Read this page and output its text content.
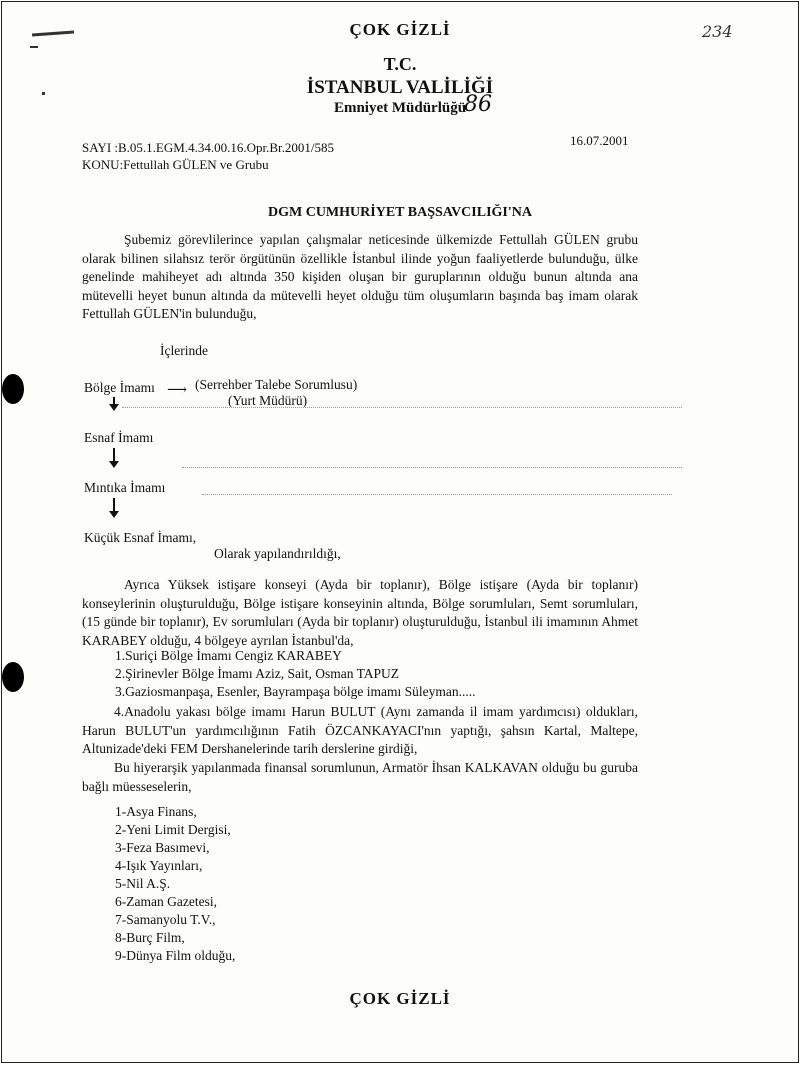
234
ÇOK GİZLİ
T.C.
İSTANBUL VALİLİĞİ
Emniyet Müdürlüğü
86
SAYI :B.05.1.EGM.4.34.00.16.Opr.Br.2001/585
KONU:Fettullah GÜLEN ve Grubu
16.07.2001
DGM CUMHURİYET BAŞSAVCILIĞI'NA
Şubemiz görevlilerince yapılan çalışmalar neticesinde ülkemizde Fettullah GÜLEN grubu olarak bilinen silahsız terör örgütünün özellikle İstanbul ilinde yoğun faaliyetlerde bulunduğu, ülke genelinde mahiheyet adı altında 350 kişiden oluşan bir guruplarının olduğu bunun altında ana mütevelli heyet bunun altında da mütevelli heyet olduğu tüm oluşumların başında baş imam olarak Fettullah GÜLEN'in bulunduğu,
İçlerinde
Bölge İmamı ⟶ (Serrehber Talebe Sorumlusu)
(Yurt Müdürü)
Esnaf İmamı
Mıntıka İmamı
Küçük Esnaf İmamı,
Olarak yapılandırıldığı,
Ayrıca Yüksek istişare konseyi (Ayda bir toplanır), Bölge istişare (Ayda bir toplanır) konseylerinin oluşturulduğu, Bölge istişare konseyinin altında, Bölge sorumluları, Semt sorumluları, (15 günde bir toplanır), Ev sorumluları (Ayda bir toplanır) oluşturulduğu, İstanbul ili imamının Ahmet KARABEY olduğu, 4 bölgeye ayrılan İstanbul'da,
1.Suriçi Bölge İmamı Cengiz KARABEY
2.Şirinevler Bölge İmamı Aziz, Sait, Osman TAPUZ
3.Gaziosmanpaşa, Esenler, Bayrampaşa bölge imamı Süleyman.....
4.Anadolu yakası bölge imamı Harun BULUT (Aynı zamanda il imam yardımcısı) oldukları, Harun BULUT'un yardımcılığının Fatih ÖZCANKAYACI'nın yaptığı, şahsın Kartal, Maltepe, Altunizade'deki FEM Dershanelerinde tarih derslerine girdiği,
Bu hiyerarşik yapılanmada finansal sorumlunun, Armatör İhsan KALKAVAN olduğu bu guruba bağlı müesseselerin,
1-Asya Finans,
2-Yeni Limit Dergisi,
3-Feza Basımevi,
4-Işık Yayınları,
5-Nil A.Ş.
6-Zaman Gazetesi,
7-Samanyolu T.V.,
8-Burç Film,
9-Dünya Film olduğu,
ÇOK GİZLİ
